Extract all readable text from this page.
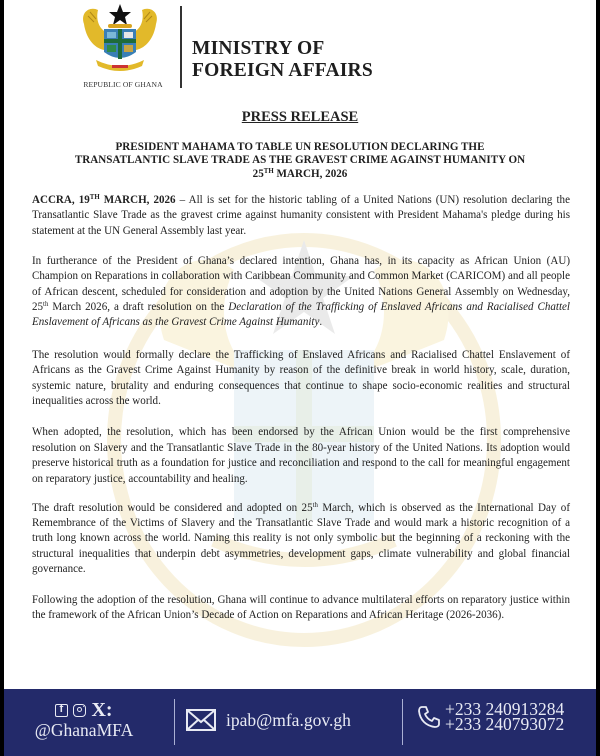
REPUBLIC OF GHANA
MINISTRY OF
FOREIGN AFFAIRS
PRESS RELEASE
PRESIDENT MAHAMA TO TABLE UN RESOLUTION DECLARING THE
TRANSATLANTIC SLAVE TRADE AS THE GRAVEST CRIME AGAINST HUMANITY ON
25TH MARCH, 2026

ACCRA, 19TH MARCH, 2026 – All is set for the historic tabling of a United Nations (UN) resolution declaring the Transatlantic Slave Trade as the gravest crime against humanity consistent with President Mahama's pledge during his statement at the UN General Assembly last year.

In furtherance of the President of Ghana’s declared intention, Ghana has, in its capacity as African Union (AU) Champion on Reparations in collaboration with Caribbean Community and Common Market (CARICOM) and all people of African descent, scheduled for consideration and adoption by the United Nations General Assembly on Wednesday, 25th March 2026, a draft resolution on the Declaration of the Trafficking of Enslaved Africans and Racialised Chattel Enslavement of Africans as the Gravest Crime Against Humanity.

The resolution would formally declare the Trafficking of Enslaved Africans and Racialised Chattel Enslavement of Africans as the Gravest Crime Against Humanity by reason of the definitive break in world history, scale, duration, systemic nature, brutality and enduring consequences that continue to shape socio-economic realities and structural inequalities across the world.

When adopted, the resolution, which has been endorsed by the African Union would be the first comprehensive resolution on Slavery and the Transatlantic Slave Trade in the 80-year history of the United Nations. Its adoption would preserve historical truth as a foundation for justice and reconciliation and respond to the call for meaningful engagement on reparatory justice, accountability and healing.

The draft resolution would be considered and adopted on 25th March, which is observed as the International Day of Remembrance of the Victims of Slavery and the Transatlantic Slave Trade and would mark a historic recognition of a truth long known across the world. Naming this reality is not only symbolic but the beginning of a reckoning with the structural inequalities that underpin debt asymmetries, development gaps, climate vulnerability and global financial governance.

Following the adoption of the resolution, Ghana will continue to advance multilateral efforts on reparatory justice within the framework of the African Union’s Decade of Action on Reparations and African Heritage (2026-2036).

f X:
@GhanaMFA
ipab@mfa.gov.gh
+233 240913284
+233 240793072
